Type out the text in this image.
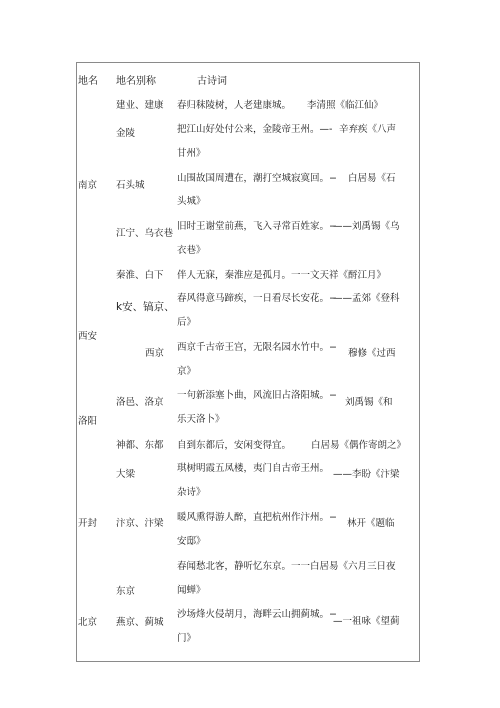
地名 地名别称	古诗词
南京
西安
洛阳
开封
北京
建业、建康
金陵
石头城
江宁、乌衣巷
秦淮、白下
k安、镐京、
西京
洛邑、洛京
神都、东都
大梁
汴京、汴梁
东京
燕京、蓟城
春归秣陵树，人老建康城。 李清照《临江仙》
把江山好处付公来，金陵帝王州。—- 辛弃疾《八声
甘州》
山围故国周遭在，潮打空城寂寞回。− 白居易《石
头城》
旧时王谢堂前燕，飞入寻常百姓家。−
——刘禹锡《乌
衣巷》
伴人无寐，秦淮应是孤月。一一文天祥《酹江月》
春风得意马蹄疾，一日看尽长安花。−
——孟郊《登科
后》
西京千古帝王宫，无限名园水竹中。−
穆修《过西
京》
一句新添塞卜曲，风流旧占洛阳城。−
刘禹锡《和
乐天洛卜》
自到东都后，安闲变得宜。 白居易《偶作寄朗之》
琪树明霞五凤楼，夷门自古帝王州。
——李盼《汴梁
杂诗》
暖风熏得游人醉，直把杭州作汴州。−
林开《题临
安邸》
春闻愁北客，静听忆东京。一一白居易《六月三日夜
闻蝉》
沙场烽火侵胡月，海畔云山拥蓟城。−
—一祖咏《望蓟
门》
